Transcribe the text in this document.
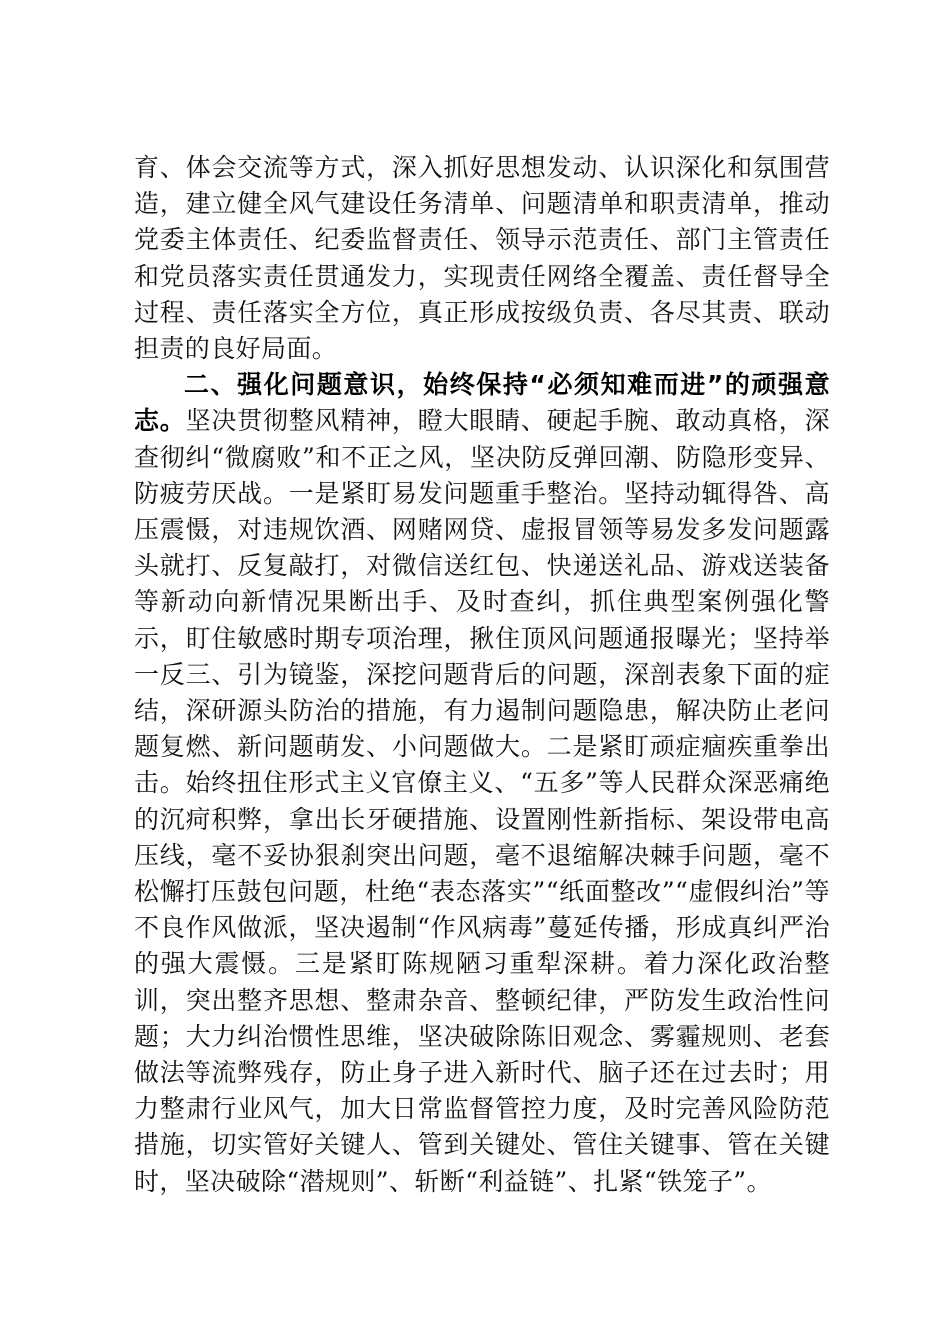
育、体会交流等方式，深入抓好思想发动、认识深化和氛围营造，建立健全风气建设任务清单、问题清单和职责清单，推动党委主体责任、纪委监督责任、领导示范责任、部门主管责任和党员落实责任贯通发力，实现责任网络全覆盖、责任督导全过程、责任落实全方位，真正形成按级负责、各尽其责、联动担责的良好局面。

二、强化问题意识，始终保持“必须知难而进”的顽强意志。坚决贯彻整风精神，瞪大眼睛、硬起手腕、敢动真格，深查彻纠“微腐败”和不正之风，坚决防反弹回潮、防隐形变异、防疲劳厌战。一是紧盯易发问题重手整治。坚持动辄得咎、高压震慑，对违规饮酒、网赌网贷、虚报冒领等易发多发问题露头就打、反复敲打，对微信送红包、快递送礼品、游戏送装备等新动向新情况果断出手、及时查纠，抓住典型案例强化警示，盯住敏感时期专项治理，揪住顶风问题通报曝光；坚持举一反三、引为镜鉴，深挖问题背后的问题，深剖表象下面的症结，深研源头防治的措施，有力遏制问题隐患，解决防止老问题复燃、新问题萌发、小问题做大。二是紧盯顽症痼疾重拳出击。始终扭住形式主义官僚主义、“五多”等人民群众深恶痛绝的沉疴积弊，拿出长牙硬措施、设置刚性新指标、架设带电高压线，毫不妥协狠刹突出问题，毫不退缩解决棘手问题，毫不松懈打压鼓包问题，杜绝“表态落实”“纸面整改”“虚假纠治”等不良作风做派，坚决遏制“作风病毒”蔓延传播，形成真纠严治的强大震慑。三是紧盯陈规陋习重犁深耕。着力深化政治整训，突出整齐思想、整肃杂音、整顿纪律，严防发生政治性问题；大力纠治惯性思维，坚决破除陈旧观念、雾霾规则、老套做法等流弊残存，防止身子进入新时代、脑子还在过去时；用力整肃行业风气，加大日常监督管控力度，及时完善风险防范措施，切实管好关键人、管到关键处、管住关键事、管在关键时，坚决破除“潜规则”、斩断“利益链”、扎紧“铁笼子”。
